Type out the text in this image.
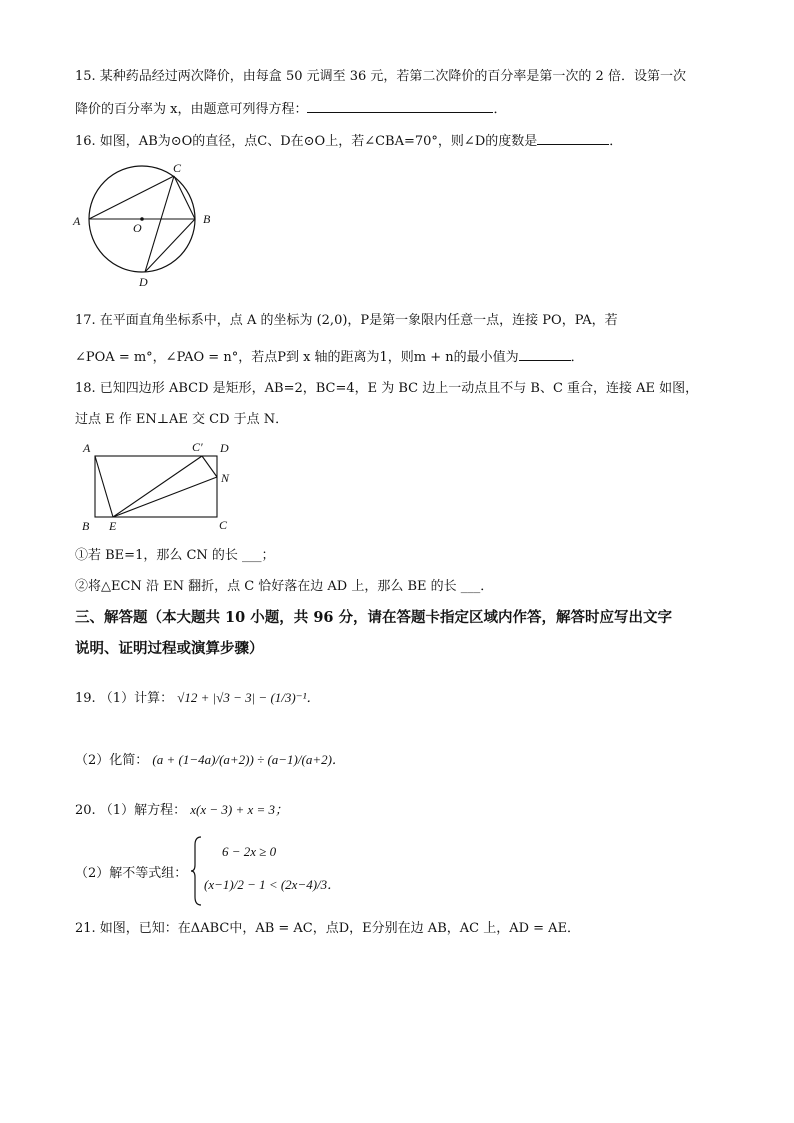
15. 某种药品经过两次降价，由每盒 50 元调至 36 元，若第二次降价的百分率是第一次的 2 倍．设第一次
降价的百分率为 x，由题意可列得方程：	．
16. 如图，AB为⊙O的直径，点C、D在⊙O上，若∠CBA=70°，则∠D的度数是	．
A	B
C
D
O
17. 在平面直角坐标系中，点 A 的坐标为 (2,0)，P是第一象限内任意一点，连接 PO，PA，若
∠POA = m°，∠PAO = n°，若点P到 x 轴的距离为1，则m + n的最小值为	．
18. 已知四边形 ABCD 是矩形，AB=2，BC=4，E 为 BC 边上一动点且不与 B、C 重合，连接 AE 如图，
过点 E 作 EN⊥AE 交 CD 于点 N．
A	C′ D
N
B E	C
①若 BE=1，那么 CN 的长 ___；
②将△ECN 沿 EN 翻折，点 C 恰好落在边 AD 上，那么 BE 的长 ___．
三、解答题（本大题共 10 小题，共 96 分，请在答题卡指定区域内作答，解答时应写出文字
说明、证明过程或演算步骤）
19. （1）计算： √12 + |√3 − 3| − (1/3)⁻¹．
（2）化简： (a + (1−4a)/(a+2)) ÷ (a−1)/(a+2)．
20. （1）解方程： x(x − 3) + x = 3；
（2）解不等式组：
6 − 2x ≥ 0
(x−1)/2 − 1 < (2x−4)/3．
21. 如图，已知：在ΔABC中，AB = AC，点D，E分别在边 AB，AC 上，AD = AE．
